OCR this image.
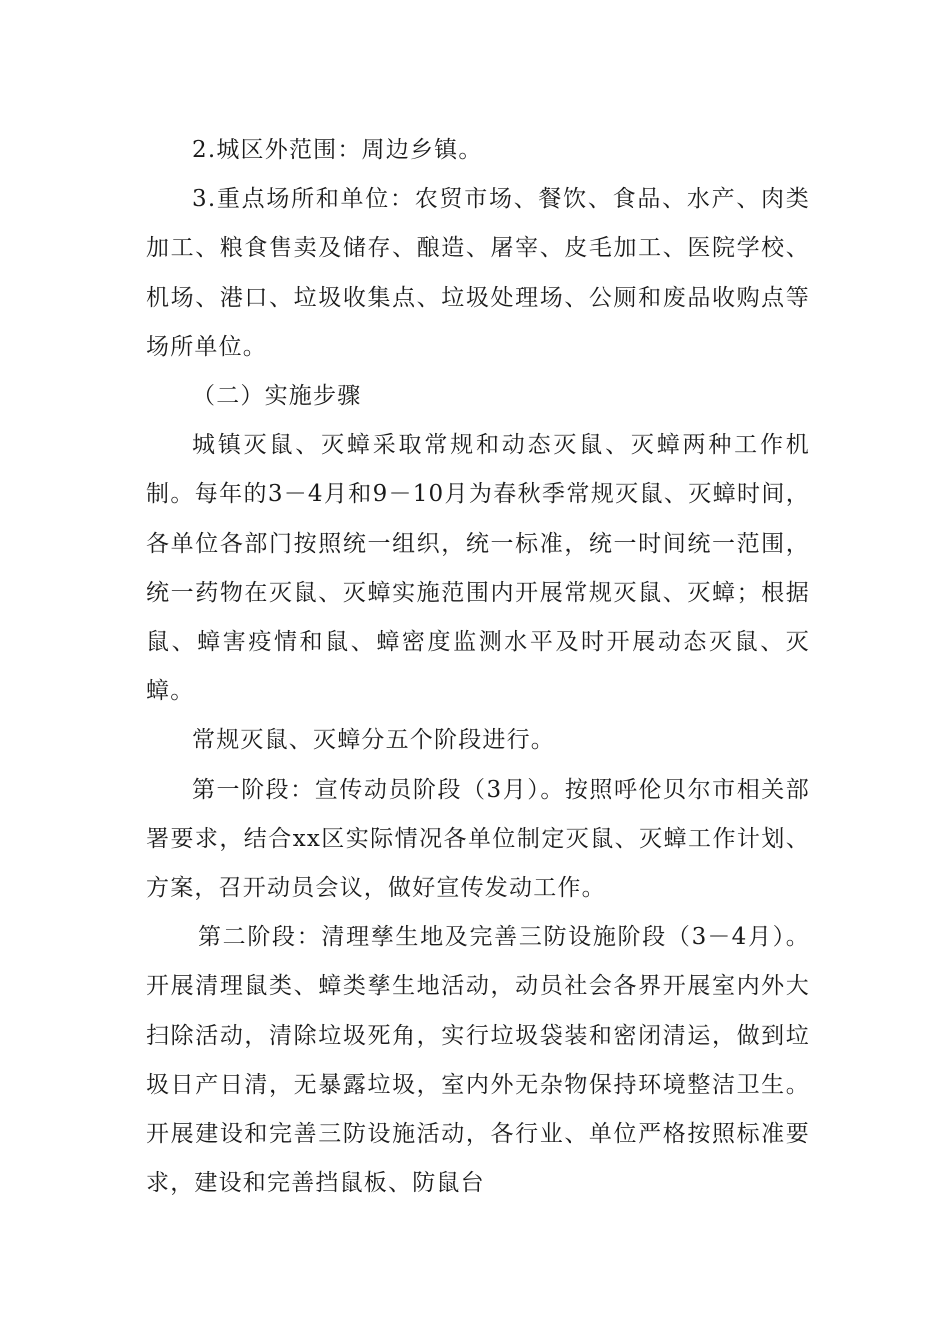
2.城区外范围：周边乡镇。

3.重点场所和单位：农贸市场、餐饮、食品、水产、肉类加工、粮食售卖及储存、酿造、屠宰、皮毛加工、医院学校、机场、港口、垃圾收集点、垃圾处理场、公厕和废品收购点等场所单位。

（二）实施步骤

城镇灭鼠、灭蟑采取常规和动态灭鼠、灭蟑两种工作机制。每年的3－4月和9－10月为春秋季常规灭鼠、灭蟑时间，各单位各部门按照统一组织，统一标准，统一时间统一范围，统一药物在灭鼠、灭蟑实施范围内开展常规灭鼠、灭蟑；根据鼠、蟑害疫情和鼠、蟑密度监测水平及时开展动态灭鼠、灭蟑。

常规灭鼠、灭蟑分五个阶段进行。

第一阶段：宣传动员阶段（3月）。按照呼伦贝尔市相关部署要求，结合xx区实际情况各单位制定灭鼠、灭蟑工作计划、方案，召开动员会议，做好宣传发动工作。

第二阶段：清理孳生地及完善三防设施阶段（3－4月）。开展清理鼠类、蟑类孳生地活动，动员社会各界开展室内外大扫除活动，清除垃圾死角，实行垃圾袋装和密闭清运，做到垃圾日产日清，无暴露垃圾，室内外无杂物保持环境整洁卫生。开展建设和完善三防设施活动，各行业、单位严格按照标准要求，建设和完善挡鼠板、防鼠台
